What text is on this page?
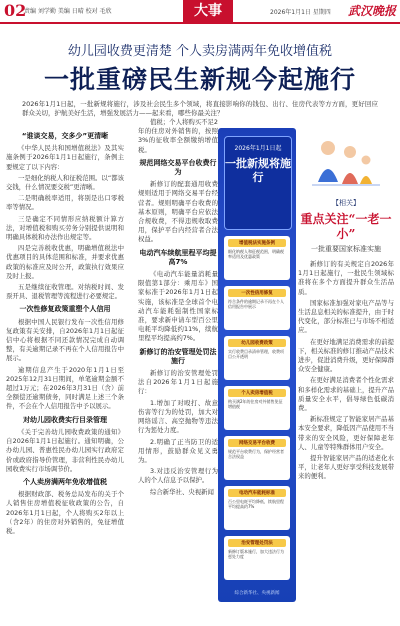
02
责编 刘学勤 美编 日晴 校对 毛欣	大事	2026年1月1日 星期四 武汉晚报
幼儿园收费更清楚 个人卖房满两年免收增值税
一批重磅民生新规今起施行
2026年1月1日起，一批新规将施行，涉及社会民生多个领域，将直接影响你的钱包、出行、住房代表等方方面，更好回应群众关切，护航美好生活，增强发展活力——起来看，哪些你最关注？
“谁谈交易，交多少”更清晰

《中华人民共和国增值税法》及其实施条例于2026年1月1日起施行，条例主要规定了以下内容：

一是细化纳税人和征税范围。以“都该交钱，什么情况要交税”更清晰。

二是明确税率适用，将别是出口零税率等情况。

三是确定不同情形应纳税额计算方法，对增值税和购买劳务分别提供说明和明确具体税和办法作出规定等。

四是完善税收优惠，明确增值税法中优惠项目的具体范围和标准，并要求优惠政策的标准应及时公开，政策执行效果应及时上报。

五是继续征收管理。对纳税时间、发票开具、退税管理等流程进行必要规定。

一次性修复政策重塑个人信用

根据中国人民银行发布一次性信用修复政策有关安排，自2026年1月1日起征信中心将根据不同还款情况完成自动调整，有关逾期记录不再在个人信用报告中展示。

逾期信息产生于2020年1月1日至2025年12月31日期间，单笔逾期金额不超过1万元；在2026年3月31日（含）前全额偿还逾期债务，同时满足上述三个条件，不会在个人信用报告中予以展示。

对幼儿园收费实行目录管理

《关于完善幼儿园收费政策的通知》自2026年1月1日起施行。通知明确，公办幼儿园、普惠性民办幼儿园实行政府定价或政府指导价管理，非营利性民办幼儿园收费实行市场调节价。

个人卖房满两年免收增值税

根据财政部、税务总局发布的关于个人销售住房增值税征收政策的公告，自2026年1月1日起，个人将购买2年以上（含2年）的住房对外销售的，免征增值税。

值税；个人将购买不足2年的住房对外销售的，按照3%的征收率全额缴纳增值税。

规范网络交易平台收费行为

新修订的配套通用收费规则适用于网络交易平台经营者。规则明确平台收费的基本原则，明确平台应依法合规收费，不得违规收取费用，保护平台内经营者合法权益。

电动汽车续航里程平均提高7%

《电动汽车能量消耗量限值第1部分：乘用车》国家标准于2026年1月1日起实施，该标准是全球首个电动汽车能耗强制性国家标准，要求新申请车型百公里电耗平均降低约11%，续航里程平均提高约7%。

新修订的治安管理处罚法施行

新修订的治安管理处罚法自2026年1月1日起施行：

1.增加了对殴打、故意伤害等行为的处罚，加大对网络谣言、高空抛物等违法行为惩处力度。

2.明确了正当防卫的适用情形，鼓励群众见义勇为。

3.对违反治安管理行为人的个人信息予以保护。

综合新华社、央视新闻

2026年1月1日起
一批新规将施行
增值税法实施条例
细化纳税人和征税范围，明确税率适用及优惠政策
一次性信用修复
符合条件的逾期记录不再在个人信用报告中展示
幼儿园收费政策
实行收费目录清单管理，收费项目公开透明
个人卖房增值税
购买满2年的住房对外销售免征增值税
网络交易平台收费
规范平台收费行为，保护经营者合法权益
电动汽车能耗标准
百公里电耗平均降低，续航里程平均提高约7%
治安管理处罚法
新修订版本施行，加大违法行为惩处力度
综合新华社、央视新闻
【相关】
重点关注“一老一小”
一批重要国家标准实施

新修订的有关规定自2026年1月1日起施行，一批民生领域标准将在多个方面提升群众生活品质。

国家标准加强对家电产品等与生活息息相关的标准提升，由于时代变化，部分标准已与市场不相适应。

在更好地满足消费需求的前提下，相关标准的修订推动产品技术进步，促进消费升级，更好保障群众安全健康。

在更好满足消费者个性化需求和多样化需求的基础上，提升产品质量安全水平，倡导绿色低碳消费。

新标准规定了智能家居产品基本安全要求，降低因产品使用不当带来的安全风险，更好保障老年人、儿童等特殊群体用户安全。

提升智能家居产品的适老化水平，让老年人更好享受科技发展带来的便利。
